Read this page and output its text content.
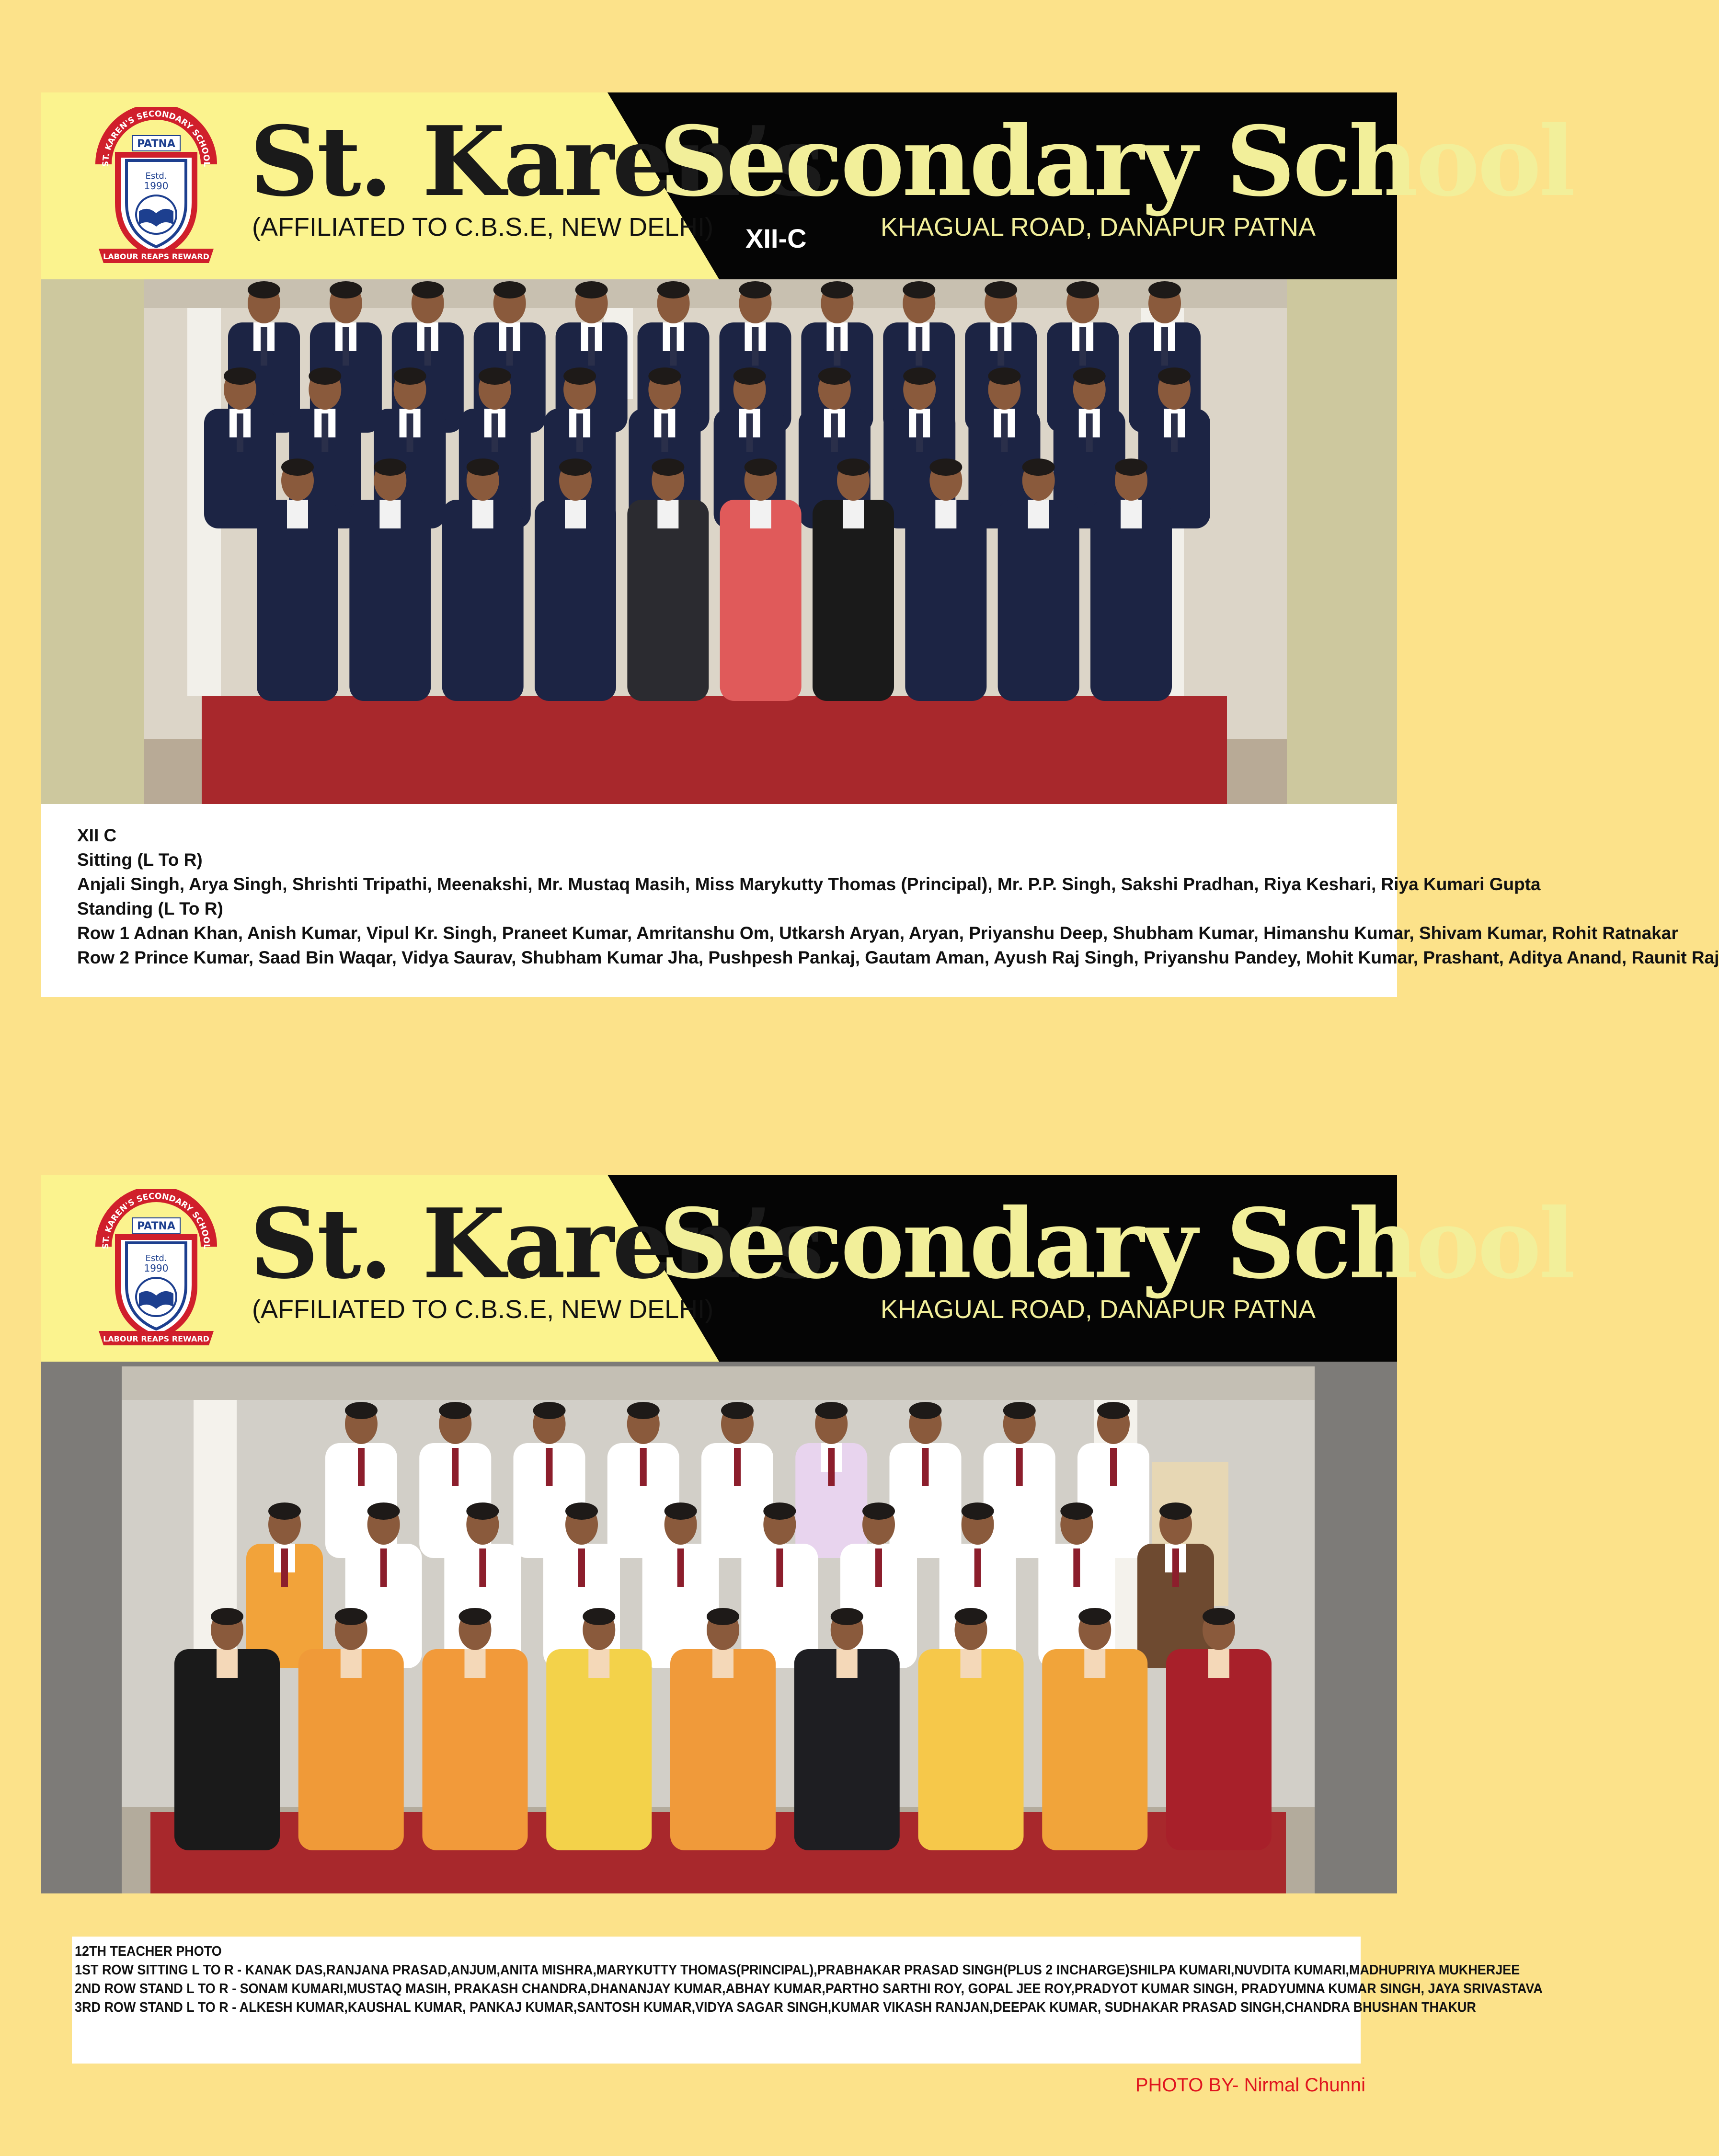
ST. KAREN'S SECONDARY SCHOOL
PATNA
Estd.
1990
LABOUR REAPS REWARD
St. Karen’s
Secondary School

(AFFILIATED TO C.B.S.E, NEW DELHI) XII-C	KHAGUAL ROAD, DANAPUR PATNA

XII C

Sitting (L To R)

Anjali Singh, Arya Singh, Shrishti Tripathi, Meenakshi, Mr. Mustaq Masih, Miss Marykutty Thomas (Principal), Mr. P.P. Singh, Sakshi Pradhan, Riya Keshari, Riya Kumari Gupta

Standing (L To R)

Row 1 Adnan Khan, Anish Kumar, Vipul Kr. Singh, Praneet Kumar, Amritanshu Om, Utkarsh Aryan, Aryan, Priyanshu Deep, Shubham Kumar, Himanshu Kumar, Shivam Kumar, Rohit Ratnakar

Row 2 Prince Kumar, Saad Bin Waqar, Vidya Saurav, Shubham Kumar Jha, Pushpesh Pankaj, Gautam Aman, Ayush Raj Singh, Priyanshu Pandey, Mohit Kumar, Prashant, Aditya Anand, Raunit Raj

ST. KAREN'S SECONDARY SCHOOL
PATNA
Estd.
1990
LABOUR REAPS REWARD
St. Karen’s
Secondary School

(AFFILIATED TO C.B.S.E, NEW DELHI)	KHAGUAL ROAD, DANAPUR PATNA

12TH TEACHER PHOTO

1ST ROW SITTING L TO R - KANAK DAS,RANJANA PRASAD,ANJUM,ANITA MISHRA,MARYKUTTY THOMAS(PRINCIPAL),PRABHAKAR PRASAD SINGH(PLUS 2 INCHARGE)SHILPA KUMARI,NUVDITA KUMARI,MADHUPRIYA MUKHERJEE

2ND ROW STAND L TO R - SONAM KUMARI,MUSTAQ MASIH, PRAKASH CHANDRA,DHANANJAY KUMAR,ABHAY KUMAR,PARTHO SARTHI ROY, GOPAL JEE ROY,PRADYOT KUMAR SINGH, PRADYUMNA KUMAR SINGH, JAYA SRIVASTAVA

3RD ROW STAND L TO R - ALKESH KUMAR,KAUSHAL KUMAR, PANKAJ KUMAR,SANTOSH KUMAR,VIDYA SAGAR SINGH,KUMAR VIKASH RANJAN,DEEPAK KUMAR, SUDHAKAR PRASAD SINGH,CHANDRA BHUSHAN THAKUR

PHOTO BY- Nirmal Chunni
